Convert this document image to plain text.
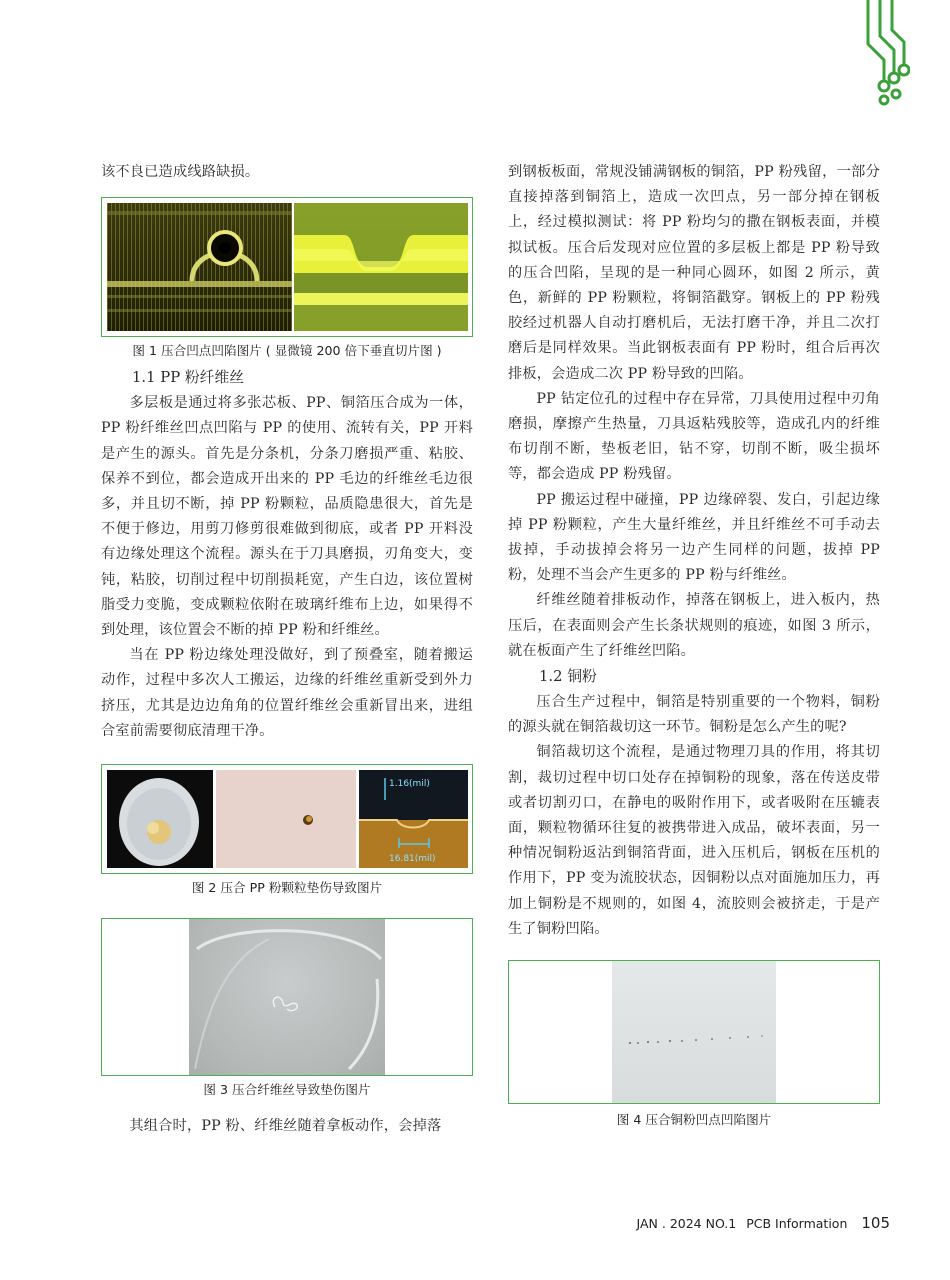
该不良已造成线路缺损。

图 1 压合凹点凹陷图片 ( 显微镜 200 倍下垂直切片图 )

1.1 PP 粉纤维丝

多层板是通过将多张芯板、PP、铜箔压合成为一体， PP 粉纤维丝凹点凹陷与 PP 的使用、流转有关，PP 开料是产生的源头。首先是分条机，分条刀磨损严重、粘胶、保养不到位，都会造成开出来的 PP 毛边的纤维丝毛边很多，并且切不断，掉 PP 粉颗粒，品质隐患很大，首先是不便于修边，用剪刀修剪很难做到彻底，或者 PP 开料没有边缘处理这个流程。源头在于刀具磨损，刃角变大，变钝，粘胶，切削过程中切削损耗宽，产生白边，该位置树脂受力变脆，变成颗粒依附在玻璃纤维布上边，如果得不到处理，该位置会不断的掉 PP 粉和纤维丝。

当在 PP 粉边缘处理没做好，到了预叠室，随着搬运动作，过程中多次人工搬运，边缘的纤维丝重新受到外力挤压，尤其是边边角角的位置纤维丝会重新冒出来，进组合室前需要彻底清理干净。

1.16(mil)
16.81(mil)
图 2 压合 PP 粉颗粒垫伤导致图片
图 3 压合纤维丝导致垫伤图片

其组合时，PP 粉、纤维丝随着拿板动作，会掉落

到钢板板面，常规没铺满钢板的铜箔，PP 粉残留，一部分直接掉落到铜箔上，造成一次凹点，另一部分掉在钢板上，经过模拟测试：将 PP 粉均匀的撒在钢板表面，并模拟试板。压合后发现对应位置的多层板上都是 PP 粉导致的压合凹陷，呈现的是一种同心圆环，如图 2 所示，黄色，新鲜的 PP 粉颗粒，将铜箔戳穿。钢板上的 PP 粉残胶经过机器人自动打磨机后，无法打磨干净，并且二次打磨后是同样效果。当此钢板表面有 PP 粉时，组合后再次排板，会造成二次 PP 粉导致的凹陷。

PP 钻定位孔的过程中存在异常，刀具使用过程中刃角磨损，摩擦产生热量，刀具返粘残胶等，造成孔内的纤维布切削不断，垫板老旧，钻不穿，切削不断，吸尘损坏等，都会造成 PP 粉残留。

PP 搬运过程中碰撞，PP 边缘碎裂、发白，引起边缘掉 PP 粉颗粒，产生大量纤维丝，并且纤维丝不可手动去拔掉，手动拔掉会将另一边产生同样的问题，拔掉 PP 粉，处理不当会产生更多的 PP 粉与纤维丝。

纤维丝随着排板动作，掉落在钢板上，进入板内，热压后，在表面则会产生长条状规则的痕迹，如图 3 所示，就在板面产生了纤维丝凹陷。

1.2 铜粉

压合生产过程中，铜箔是特别重要的一个物料，铜粉的源头就在铜箔裁切这一环节。铜粉是怎么产生的呢?

铜箔裁切这个流程，是通过物理刀具的作用，将其切割，裁切过程中切口处存在掉铜粉的现象，落在传送皮带或者切割刃口，在静电的吸附作用下，或者吸附在压辘表面，颗粒物循环往复的被携带进入成品，破坏表面，另一种情况铜粉返沾到铜箔背面，进入压机后，钢板在压机的作用下，PP 变为流胶状态，因铜粉以点对面施加压力，再加上铜粉是不规则的，如图 4，流胶则会被挤走，于是产生了铜粉凹陷。

图 4 压合铜粉凹点凹陷图片
JAN . 2024 NO.1 PCB Information 105
